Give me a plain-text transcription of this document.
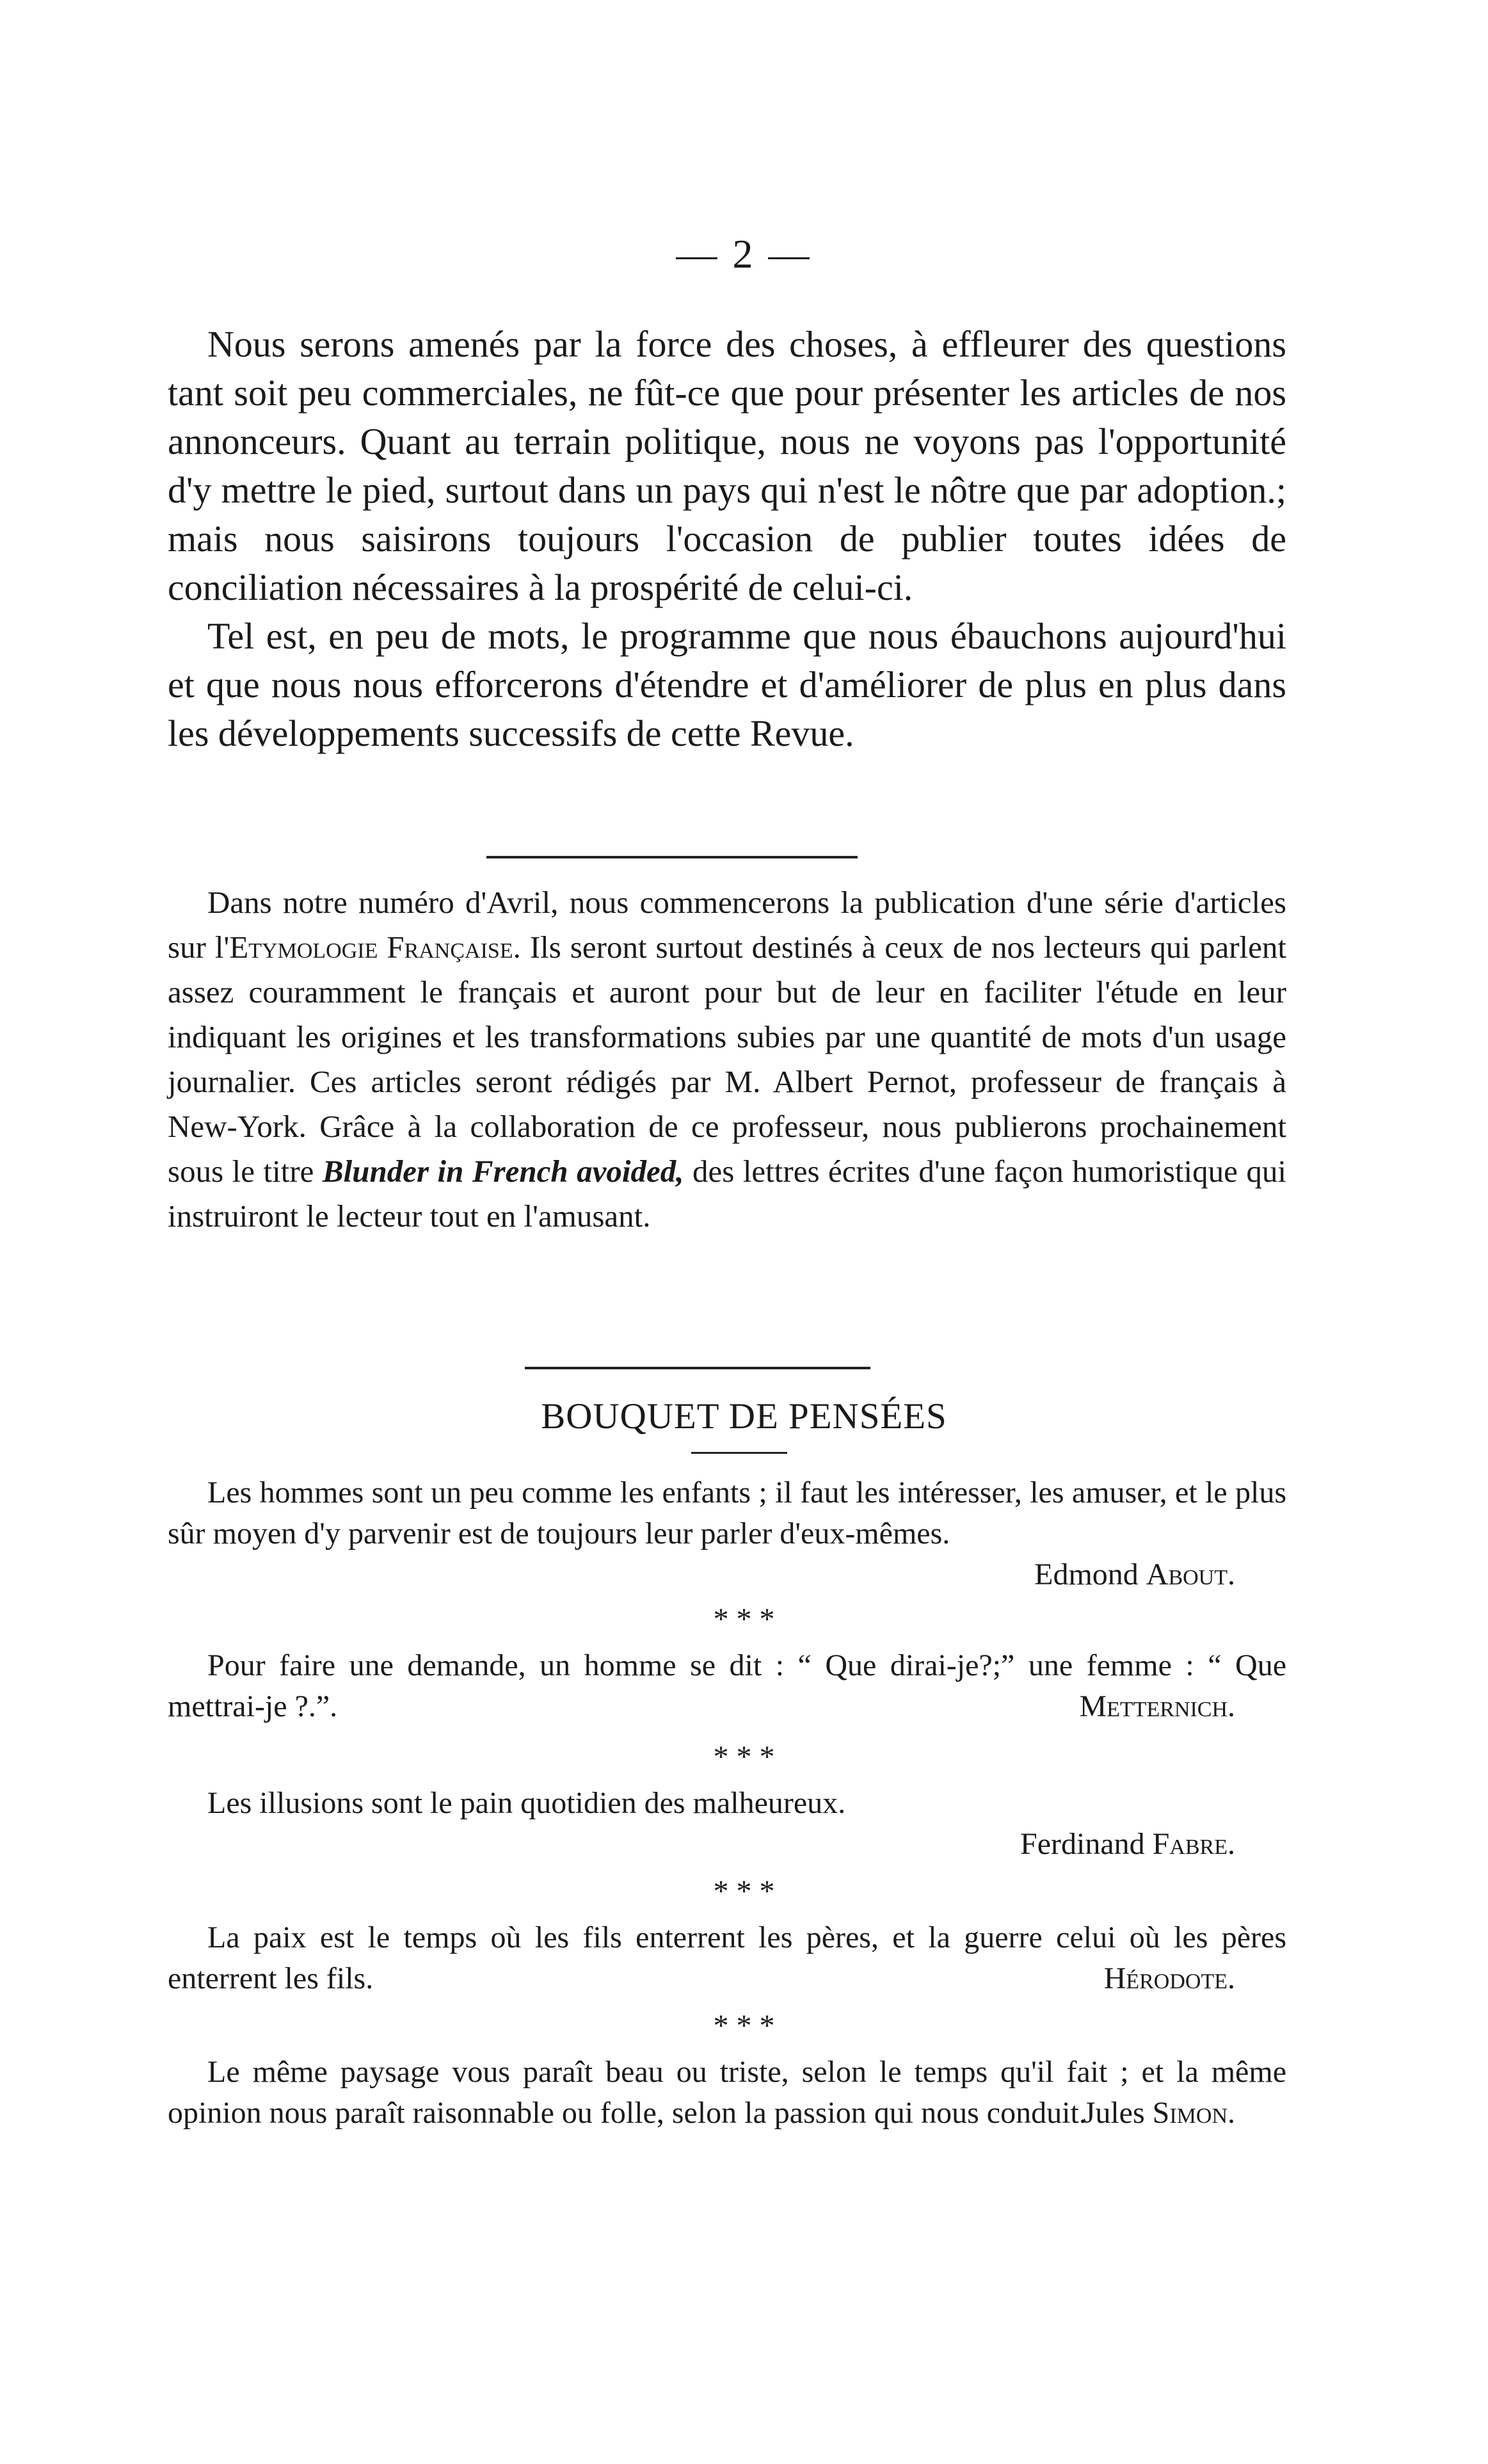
— 2 —

Nous serons amenés par la force des choses, à effleurer des questions tant soit peu commerciales, ne fût-ce que pour présenter les articles de nos annonceurs. Quant au terrain politique, nous ne voyons pas l'opportunité d'y mettre le pied, surtout dans un pays qui n'est le nôtre que par adoption.; mais nous saisirons toujours l'occasion de publier toutes idées de conciliation nécessaires à la prospérité de celui-ci.

Tel est, en peu de mots, le programme que nous ébauchons aujourd'hui et que nous nous efforcerons d'étendre et d'améliorer de plus en plus dans les développements successifs de cette Revue.

Dans notre numéro d'Avril, nous commencerons la publication d'une série d'articles sur l'Etymologie Française. Ils seront surtout destinés à ceux de nos lecteurs qui parlent assez couramment le français et auront pour but de leur en faciliter l'étude en leur indiquant les origines et les transformations subies par une quantité de mots d'un usage journalier. Ces articles seront rédigés par M. Albert Pernot, professeur de français à New-York. Grâce à la collaboration de ce professeur, nous publierons prochainement sous le titre Blunder in French avoided, des lettres écrites d'une façon humoristique qui instruiront le lecteur tout en l'amusant.

BOUQUET DE PENSÉES

Les hommes sont un peu comme les enfants ; il faut les intéresser, les amuser, et le plus sûr moyen d'y parvenir est de toujours leur parler d'eux-mêmes.

Edmond About.
* * *

Pour faire une demande, un homme se dit : “ Que dirai-je?;” une femme : “ Que mettrai-je ?.”.	Metternich.
* * *

Les illusions sont le pain quotidien des malheureux.

Ferdinand Fabre.
* * *

La paix est le temps où les fils enterrent les pères, et la guerre celui où les pères enterrent les fils.	Hérodote.
* * *

Le même paysage vous paraît beau ou triste, selon le temps qu'il fait ; et la même opinion nous paraît raisonnable ou folle, selon la passion qui nous conduit.

Jules Simon.
